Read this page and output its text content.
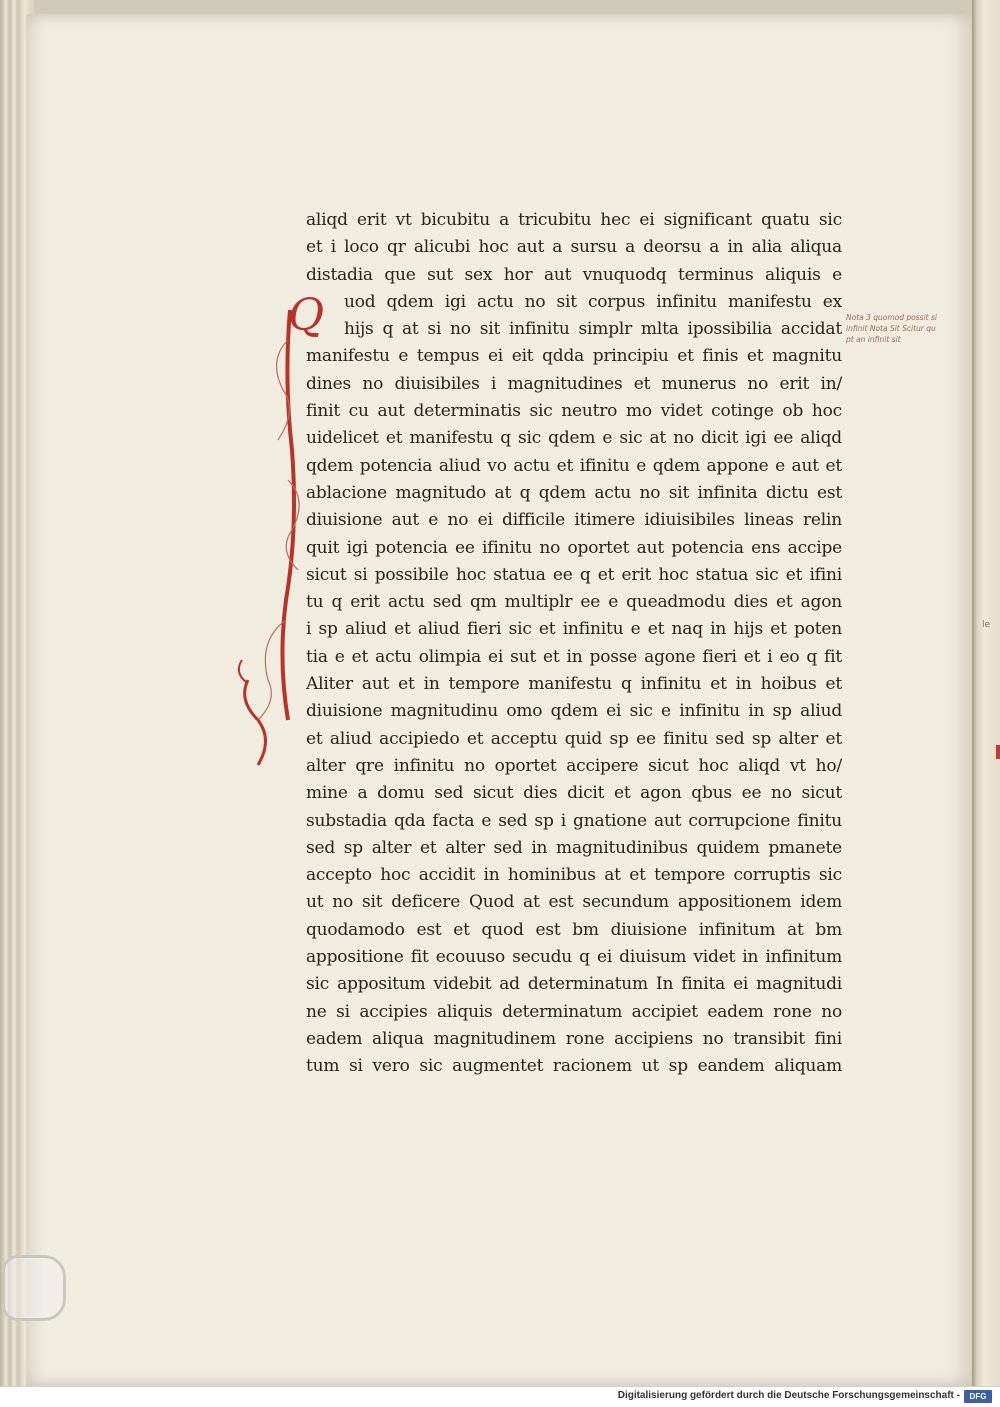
Q
aliqd erit vt bicubitu a tricubitu hec ei significant quatu sic
et i loco qr alicubi hoc aut a sursu a deorsu a in alia aliqua
distadia que sut sex hor aut vnuquodq terminus aliquis e
uod qdem igi actu no sit corpus infinitu manifestu ex
hijs q at si no sit infinitu simplr mlta ipossibilia accidat
manifestu e tempus ei eit qdda principiu et finis et magnitu
dines no diuisibiles i magnitudines et munerus no erit in/
finit cu aut determinatis sic neutro mo videt cotinge ob hoc
uidelicet et manifestu q sic qdem e sic at no dicit igi ee aliqd
qdem potencia aliud vo actu et ifinitu e qdem appone e aut et
ablacione magnitudo at q qdem actu no sit infinita dictu est
diuisione aut e no ei difficile itimere idiuisibiles lineas relin
quit igi potencia ee ifinitu no oportet aut potencia ens accipe
sicut si possibile hoc statua ee q et erit hoc statua sic et ifini
tu q erit actu sed qm multiplr ee e queadmodu dies et agon
i sp aliud et aliud fieri sic et infinitu e et naq in hijs et poten
tia e et actu olimpia ei sut et in posse agone fieri et i eo q fit
Aliter aut et in tempore manifestu q infinitu et in hoibus et
diuisione magnitudinu omo qdem ei sic e infinitu in sp aliud
et aliud accipiedo et acceptu quid sp ee finitu sed sp alter et
alter qre infinitu no oportet accipere sicut hoc aliqd vt ho/
mine a domu sed sicut dies dicit et agon qbus ee no sicut
substadia qda facta e sed sp i gnatione aut corrupcione finitu
sed sp alter et alter sed in magnitudinibus quidem pmanete
accepto hoc accidit in hominibus at et tempore corruptis sic
ut no sit deficere Quod at est secundum appositionem idem
quodamodo est et quod est bm diuisione infinitum at bm
appositione fit ecouuso secudu q ei diuisum videt in infinitum
sic appositum videbit ad determinatum In finita ei magnitudi
ne si accipies aliquis determinatum accipiet eadem rone no
eadem aliqua magnitudinem rone accipiens no transibit fini
tum si vero sic augmentet racionem ut sp eandem aliquam
Nota 3 quomod possit si
infinit Nota Sit Scitur qu
pt an infinit sit
le
Digitalisierung gefördert durch die Deutsche Forschungsgemeinschaft -	DFG
